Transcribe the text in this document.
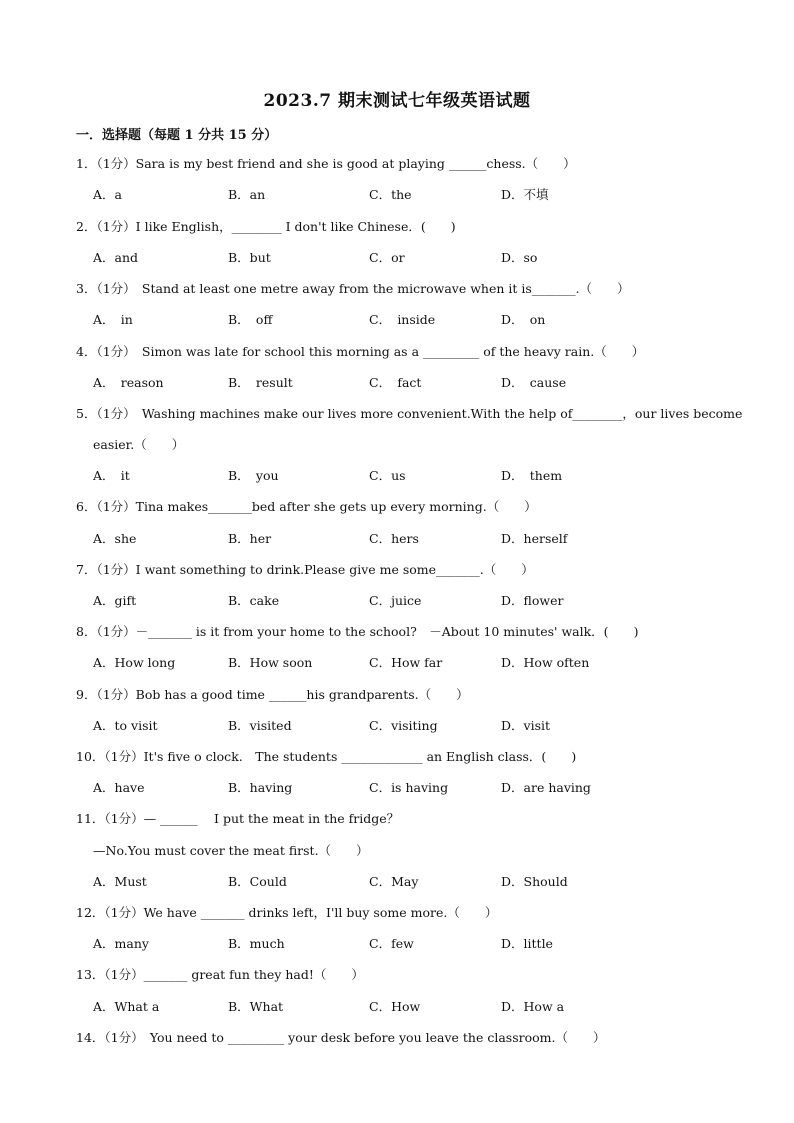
2023.7 期末测试七年级英语试题
一．选择题（每题 1 分共 15 分）
1．（1分）Sara is my best friend and she is good at playing ______chess.（　　）
A．a	B．an	C．the	D．不填
2．（1分）I like English，________ I don't like Chinese．(　　)
A．and	B．but	C．or	D．so
3．（1分）　Stand at least one metre away from the microwave when it is_______.（　　）
A．　in	B．　off	C．　inside	D．　on
4．（1分）　Simon was late for school this morning as a _________ of the heavy rain.（　　）
A．　reason	B．　result	C．　fact	D．　cause
5．（1分）　Washing machines make our lives more convenient.With the help of________，our lives become
easier.（　　）
A．　it	B．　you	C．us	D．　them
6．（1分）Tina makes_______bed after she gets up every morning.（　　）
A．she	B．her	C．hers	D．herself
7．（1分）I want something to drink.Please give me some_______.（　　）
A．gift	B．cake	C．juice	D．flower
8．（1分）－_______ is it from your home to the school?　－About 10 minutes' walk．(　　)
A．How long	B．How soon	C．How far	D．How often
9．（1分）Bob has a good time ______his grandparents.（　　）
A．to visit	B．visited	C．visiting	D．visit
10．（1分）It's five o clock.　The students _____________ an English class．(　　)
A．have	B．having	C．is having	D．are having
11．（1分）— ______　 I put the meat in the fridge？
—No.You must cover the meat first.（　　）
A．Must	B．Could	C．May	D．Should
12．（1分）We have _______ drinks left，I'll buy some more.（　　）
A．many	B．much	C．few	D．little
13．（1分）_______ great fun they had!（　　）
A．What a	B．What	C．How	D．How a
14．（1分）　You need to _________ your desk before you leave the classroom.（　　）
